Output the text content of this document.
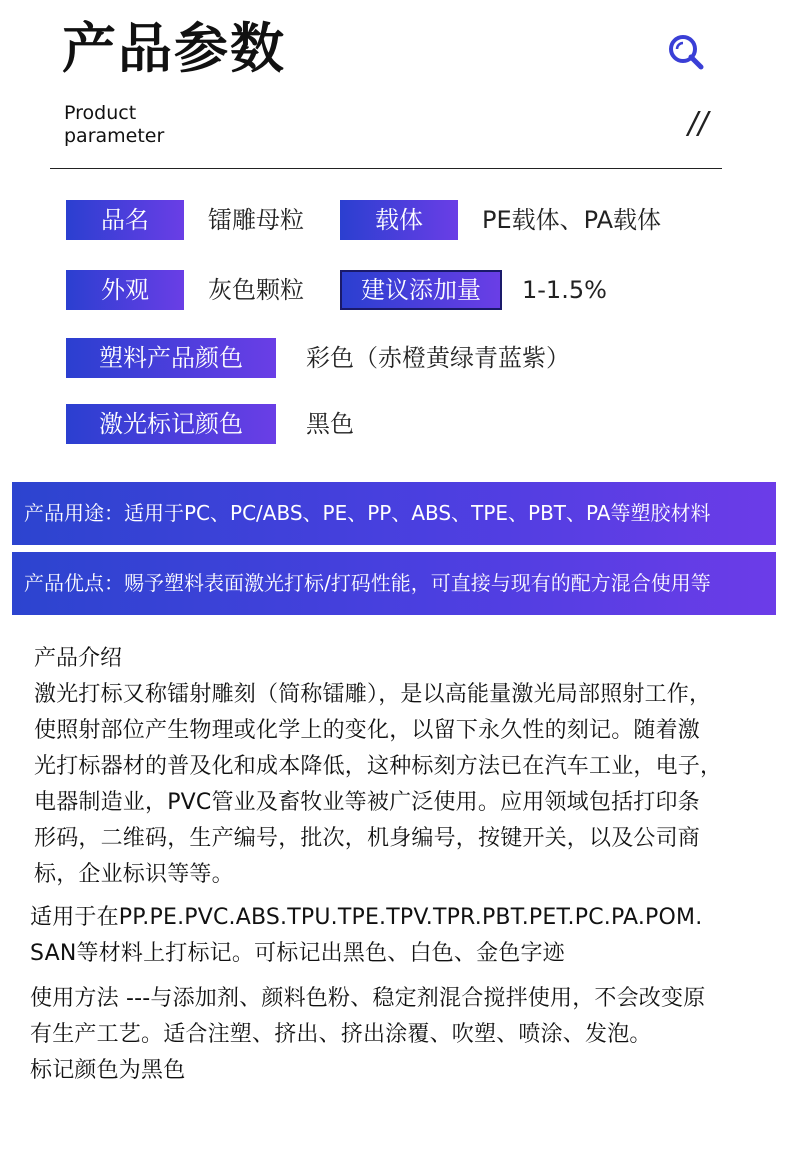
产品参数
Product
parameter	//
品名	镭雕母粒	载体	PE载体、PA载体
外观	灰色颗粒	建议添加量	1-1.5%
塑料产品颜色	彩色（赤橙黄绿青蓝紫）
激光标记颜色	黑色
产品用途：适用于PC、PC/ABS、PE、PP、ABS、TPE、PBT、PA等塑胶材料
产品优点：赐予塑料表面激光打标/打码性能，可直接与现有的配方混合使用等
产品介绍
激光打标又称镭射雕刻（简称镭雕），是以高能量激光局部照射工作，
使照射部位产生物理或化学上的变化，以留下永久性的刻记。随着激
光打标器材的普及化和成本降低，这种标刻方法已在汽车工业，电子，
电器制造业，PVC管业及畜牧业等被广泛使用。应用领域包括打印条
形码，二维码，生产编号，批次，机身编号，按键开关，以及公司商
标，企业标识等等。
适用于在PP.PE.PVC.ABS.TPU.TPE.TPV.TPR.PBT.PET.PC.PA.POM.
SAN等材料上打标记。可标记出黑色、白色、金色字迹
使用方法 ---与添加剂、颜料色粉、稳定剂混合搅拌使用，不会改变原
有生产工艺。适合注塑、挤出、挤出涂覆、吹塑、喷涂、发泡。
标记颜色为黑色
